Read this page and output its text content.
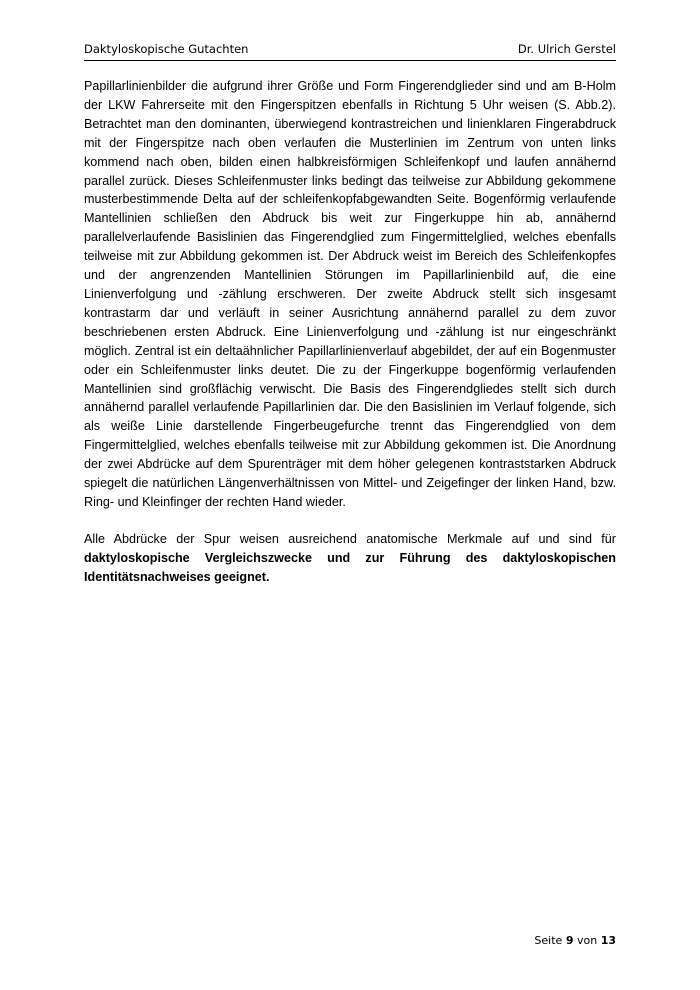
Daktyloskopische Gutachten	Dr. Ulrich Gerstel

Papillarlinienbilder die aufgrund ihrer Größe und Form Fingerendglieder sind und am B-Holm der LKW Fahrerseite mit den Fingerspitzen ebenfalls in Richtung 5 Uhr weisen (S. Abb.2). Betrachtet man den dominanten, überwiegend kontrastreichen und linienklaren Fingerabdruck mit der Fingerspitze nach oben verlaufen die Musterlinien im Zentrum von unten links kommend nach oben, bilden einen halbkreisförmigen Schleifenkopf und laufen annähernd parallel zurück. Dieses Schleifenmuster links bedingt das teilweise zur Abbildung gekommene musterbestimmende Delta auf der schleifenkopfabgewandten Seite. Bogenförmig verlaufende Mantellinien schließen den Abdruck bis weit zur Fingerkuppe hin ab, annähernd parallelverlaufende Basislinien das Fingerendglied zum Fingermittelglied, welches ebenfalls teilweise mit zur Abbildung gekommen ist. Der Abdruck weist im Bereich des Schleifenkopfes und der angrenzenden Mantellinien Störungen im Papillarlinienbild auf, die eine Linienverfolgung und -zählung erschweren. Der zweite Abdruck stellt sich insgesamt kontrastarm dar und verläuft in seiner Ausrichtung annähernd parallel zu dem zuvor beschriebenen ersten Abdruck. Eine Linienverfolgung und -zählung ist nur eingeschränkt möglich. Zentral ist ein deltaähnlicher Papillarlinienverlauf abgebildet, der auf ein Bogenmuster oder ein Schleifenmuster links deutet. Die zu der Fingerkuppe bogenförmig verlaufenden Mantellinien sind großflächig verwischt. Die Basis des Fingerendgliedes stellt sich durch annähernd parallel verlaufende Papillarlinien dar. Die den Basislinien im Verlauf folgende, sich als weiße Linie darstellende Fingerbeugefurche trennt das Fingerendglied von dem Fingermittelglied, welches ebenfalls teilweise mit zur Abbildung gekommen ist. Die Anordnung der zwei Abdrücke auf dem Spurenträger mit dem höher gelegenen kontraststarken Abdruck spiegelt die natürlichen Längenverhältnissen von Mittel- und Zeigefinger der linken Hand, bzw. Ring- und Kleinfinger der rechten Hand wieder.

Alle Abdrücke der Spur weisen ausreichend anatomische Merkmale auf und sind für daktyloskopische Vergleichszwecke und zur Führung des daktyloskopischen Identitätsnachweises geeignet.

Seite 9 von 13
